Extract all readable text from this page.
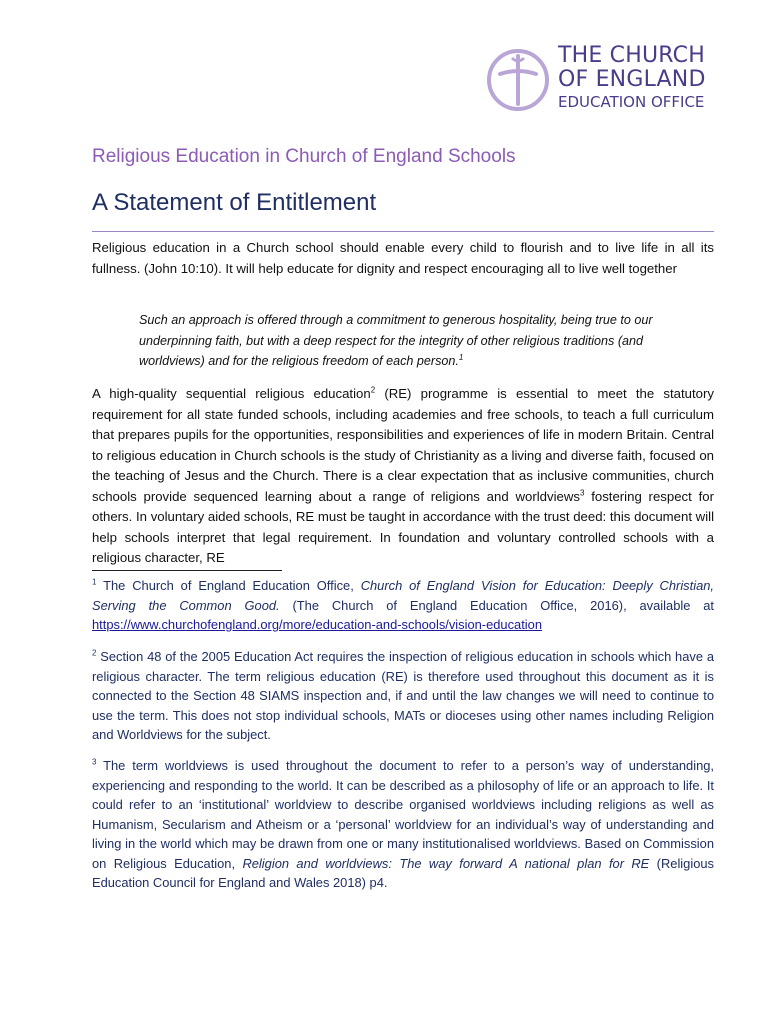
THE CHURCH
OF ENGLAND
EDUCATION OFFICE
Religious Education in Church of England Schools
A Statement of Entitlement

Religious education in a Church school should enable every child to flourish and to live life in all its fullness. (John 10:10). It will help educate for dignity and respect encouraging all to live well together

Such an approach is offered through a commitment to generous hospitality, being true to our underpinning faith, but with a deep respect for the integrity of other religious traditions (and worldviews) and for the religious freedom of each person.$^1$

A high-quality sequential religious education$^2$ (RE) programme is essential to meet the statutory requirement for all state funded schools, including academies and free schools, to teach a full curriculum that prepares pupils for the opportunities, responsibilities and experiences of life in modern Britain. Central to religious education in Church schools is the study of Christianity as a living and diverse faith, focused on the teaching of Jesus and the Church. There is a clear expectation that as inclusive communities, church schools provide sequenced learning about a range of religions and worldviews$^3$ fostering respect for others. In voluntary aided schools, RE must be taught in accordance with the trust deed: this document will help schools interpret that legal requirement. In foundation and voluntary controlled schools with a religious character, RE

$^1$ The Church of England Education Office, Church of England Vision for Education: Deeply Christian, Serving the Common Good. (The Church of England Education Office, 2016), available at https://www.churchofengland.org/more/education-and-schools/vision-education

$^2$ Section 48 of the 2005 Education Act requires the inspection of religious education in schools which have a religious character. The term religious education (RE) is therefore used throughout this document as it is connected to the Section 48 SIAMS inspection and, if and until the law changes we will need to continue to use the term. This does not stop individual schools, MATs or dioceses using other names including Religion and Worldviews for the subject.

$^3$ The term worldviews is used throughout the document to refer to a person’s way of understanding, experiencing and responding to the world. It can be described as a philosophy of life or an approach to life. It could refer to an ‘institutional’ worldview to describe organised worldviews including religions as well as Humanism, Secularism and Atheism or a ‘personal’ worldview for an individual’s way of understanding and living in the world which may be drawn from one or many institutionalised worldviews. Based on Commission on Religious Education, Religion and worldviews: The way forward A national plan for RE (Religious Education Council for England and Wales 2018) p4.
